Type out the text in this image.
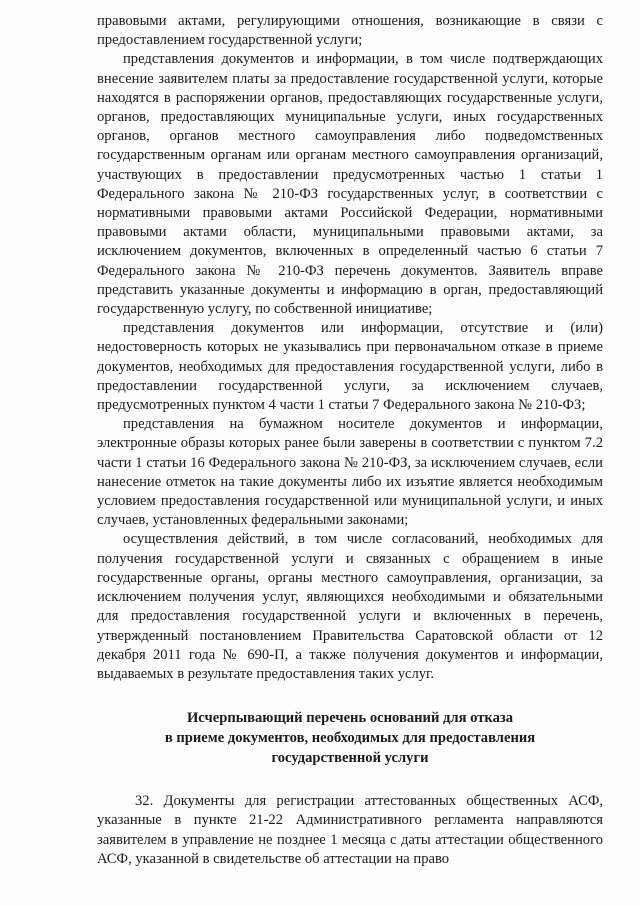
правовыми актами, регулирующими отношения, возникающие в связи с предоставлением государственной услуги;

представления документов и информации, в том числе подтверждающих внесение заявителем платы за предоставление государственной услуги, которые находятся в распоряжении органов, предоставляющих государственные услуги, органов, предоставляющих муниципальные услуги, иных государственных органов, органов местного самоуправления либо подведомственных государственным органам или органам местного самоуправления организаций, участвующих в предоставлении предусмотренных частью 1 статьи 1 Федерального закона № 210-ФЗ государственных услуг, в соответствии с нормативными правовыми актами Российской Федерации, нормативными правовыми актами области, муниципальными правовыми актами, за исключением документов, включенных в определенный частью 6 статьи 7 Федерального закона № 210-ФЗ перечень документов. Заявитель вправе представить указанные документы и информацию в орган, предоставляющий государственную услугу, по собственной инициативе;

представления документов или информации, отсутствие и (или) недостоверность которых не указывались при первоначальном отказе в приеме документов, необходимых для предоставления государственной услуги, либо в предоставлении государственной услуги, за исключением случаев, предусмотренных пунктом 4 части 1 статьи 7 Федерального закона № 210-ФЗ;

представления на бумажном носителе документов и информации, электронные образы которых ранее были заверены в соответствии с пунктом 7.2 части 1 статьи 16 Федерального закона № 210-ФЗ, за исключением случаев, если нанесение отметок на такие документы либо их изъятие является необходимым условием предоставления государственной или муниципальной услуги, и иных случаев, установленных федеральными законами;

осуществления действий, в том числе согласований, необходимых для получения государственной услуги и связанных с обращением в иные государственные органы, органы местного самоуправления, организации, за исключением получения услуг, являющихся необходимыми и обязательными для предоставления государственной услуги и включенных в перечень, утвержденный постановлением Правительства Саратовской области от 12 декабря 2011 года № 690-П, а также получения документов и информации, выдаваемых в результате предоставления таких услуг.

Исчерпывающий перечень оснований для отказа
в приеме документов, необходимых для предоставления
государственной услуги

32. Документы для регистрации аттестованных общественных АСФ, указанные в пункте 21-22 Административного регламента направляются заявителем в управление не позднее 1 месяца с даты аттестации общественного АСФ, указанной в свидетельстве об аттестации на право
